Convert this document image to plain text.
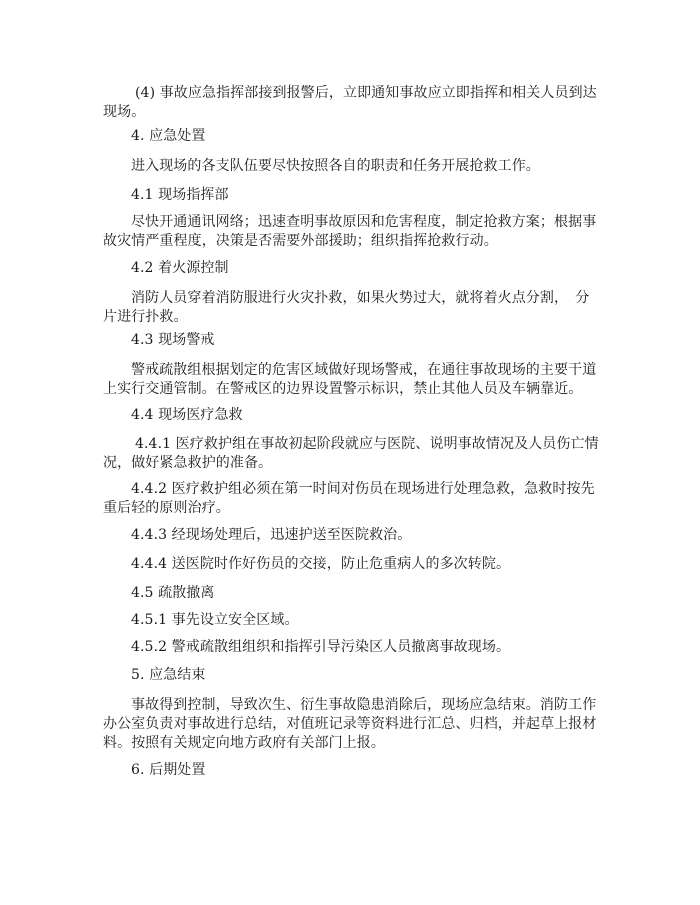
(4) 事故应急指挥部接到报警后，立即通知事故应立即指挥和相关人员到达现场。

4. 应急处置

进入现场的各支队伍要尽快按照各自的职责和任务开展抢救工作。

4.1 现场指挥部

尽快开通通讯网络；迅速查明事故原因和危害程度，制定抢救方案；根据事故灾情严重程度，决策是否需要外部援助；组织指挥抢救行动。

4.2 着火源控制

消防人员穿着消防服进行火灾扑救，如果火势过大，就将着火点分割，　分片进行扑救。

4.3 现场警戒

警戒疏散组根据划定的危害区域做好现场警戒，在通往事故现场的主要干道上实行交通管制。在警戒区的边界设置警示标识，禁止其他人员及车辆靠近。

4.4 现场医疗急救

4.4.1 医疗救护组在事故初起阶段就应与医院、说明事故情况及人员伤亡情况，做好紧急救护的准备。

4.4.2 医疗救护组必须在第一时间对伤员在现场进行处理急救，急救时按先重后轻的原则治疗。

4.4.3 经现场处理后，迅速护送至医院救治。

4.4.4 送医院时作好伤员的交接，防止危重病人的多次转院。

4.5 疏散撤离

4.5.1 事先设立安全区域。

4.5.2 警戒疏散组组织和指挥引导污染区人员撤离事故现场。

5. 应急结束

事故得到控制，导致次生、衍生事故隐患消除后，现场应急结束。消防工作办公室负责对事故进行总结，对值班记录等资料进行汇总、归档，并起草上报材料。按照有关规定向地方政府有关部门上报。

6. 后期处置
